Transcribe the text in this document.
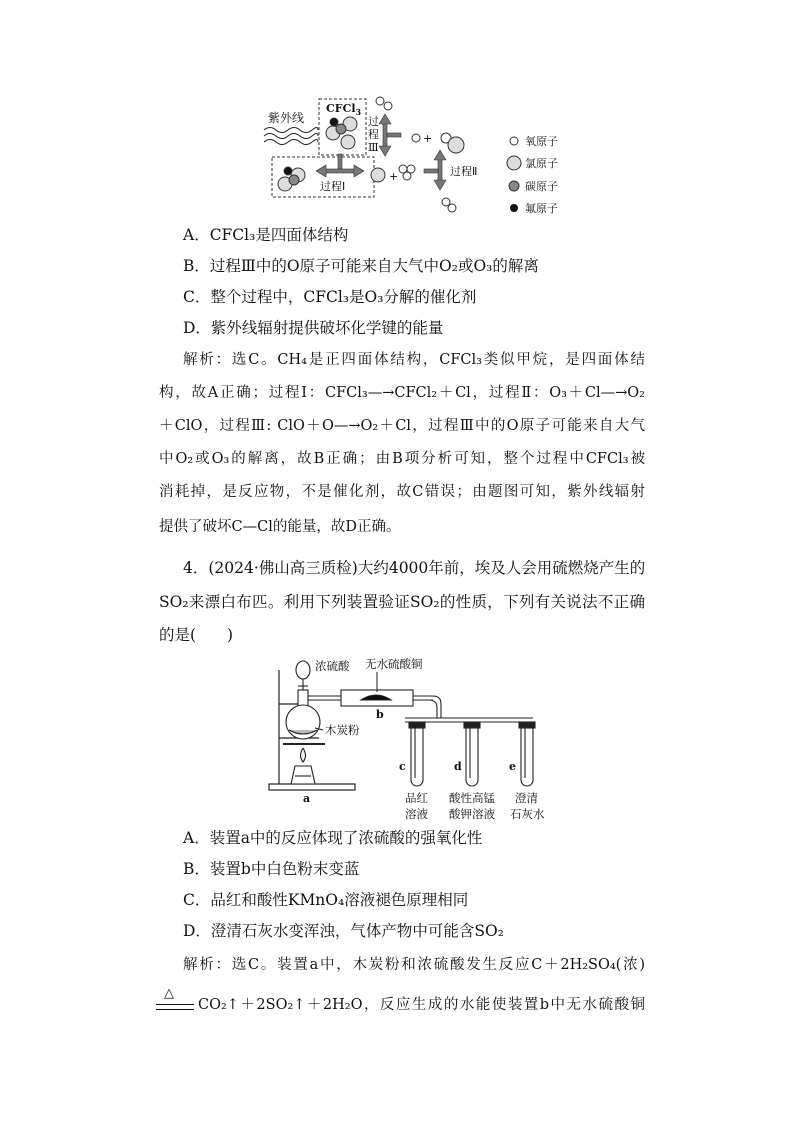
紫外线
CFCl$_3$
过
程
Ⅲ
+
过程Ⅰ
+	过程Ⅱ
氧原子
氯原子
碳原子
氟原子
A．CFCl₃是四面体结构
B．过程Ⅲ中的O原子可能来自大气中O₂或O₃的解离
C．整个过程中，CFCl₃是O₃分解的催化剂
D．紫外线辐射提供破坏化学键的能量
解析：选C。CH₄是正四面体结构，CFCl₃类似甲烷，是四面体结
构，故A正确；过程Ⅰ：CFCl₃—→CFCl₂＋Cl，过程Ⅱ：O₃＋Cl—→O₂
＋ClO，过程Ⅲ: ClO＋O—→O₂＋Cl，过程Ⅲ中的O原子可能来自大气
中O₂或O₃的解离，故B正确；由B项分析可知，整个过程中CFCl₃被
消耗掉，是反应物，不是催化剂，故C错误；由题图可知，紫外线辐射
提供了破坏C—Cl的能量，故D正确。
4．(2024·佛山高三质检)大约4000年前，埃及人会用硫燃烧产生的
SO₂来漂白布匹。利用下列装置验证SO₂的性质，下列有关说法不正确
的是(　　)
浓硫酸
木炭粉
a
无水硫酸铜
b
c	d	e
品红
溶液
酸性高锰
酸钾溶液
澄清
石灰水
A．装置a中的反应体现了浓硫酸的强氧化性
B．装置b中白色粉末变蓝
C．品红和酸性KMnO₄溶液褪色原理相同
D．澄清石灰水变浑浊，气体产物中可能含SO₂
解析：选C。装置a中，木炭粉和浓硫酸发生反应C＋2H₂SO₄(浓)
△
CO₂↑＋2SO₂↑＋2H₂O，反应生成的水能使装置b中无水硫酸铜
